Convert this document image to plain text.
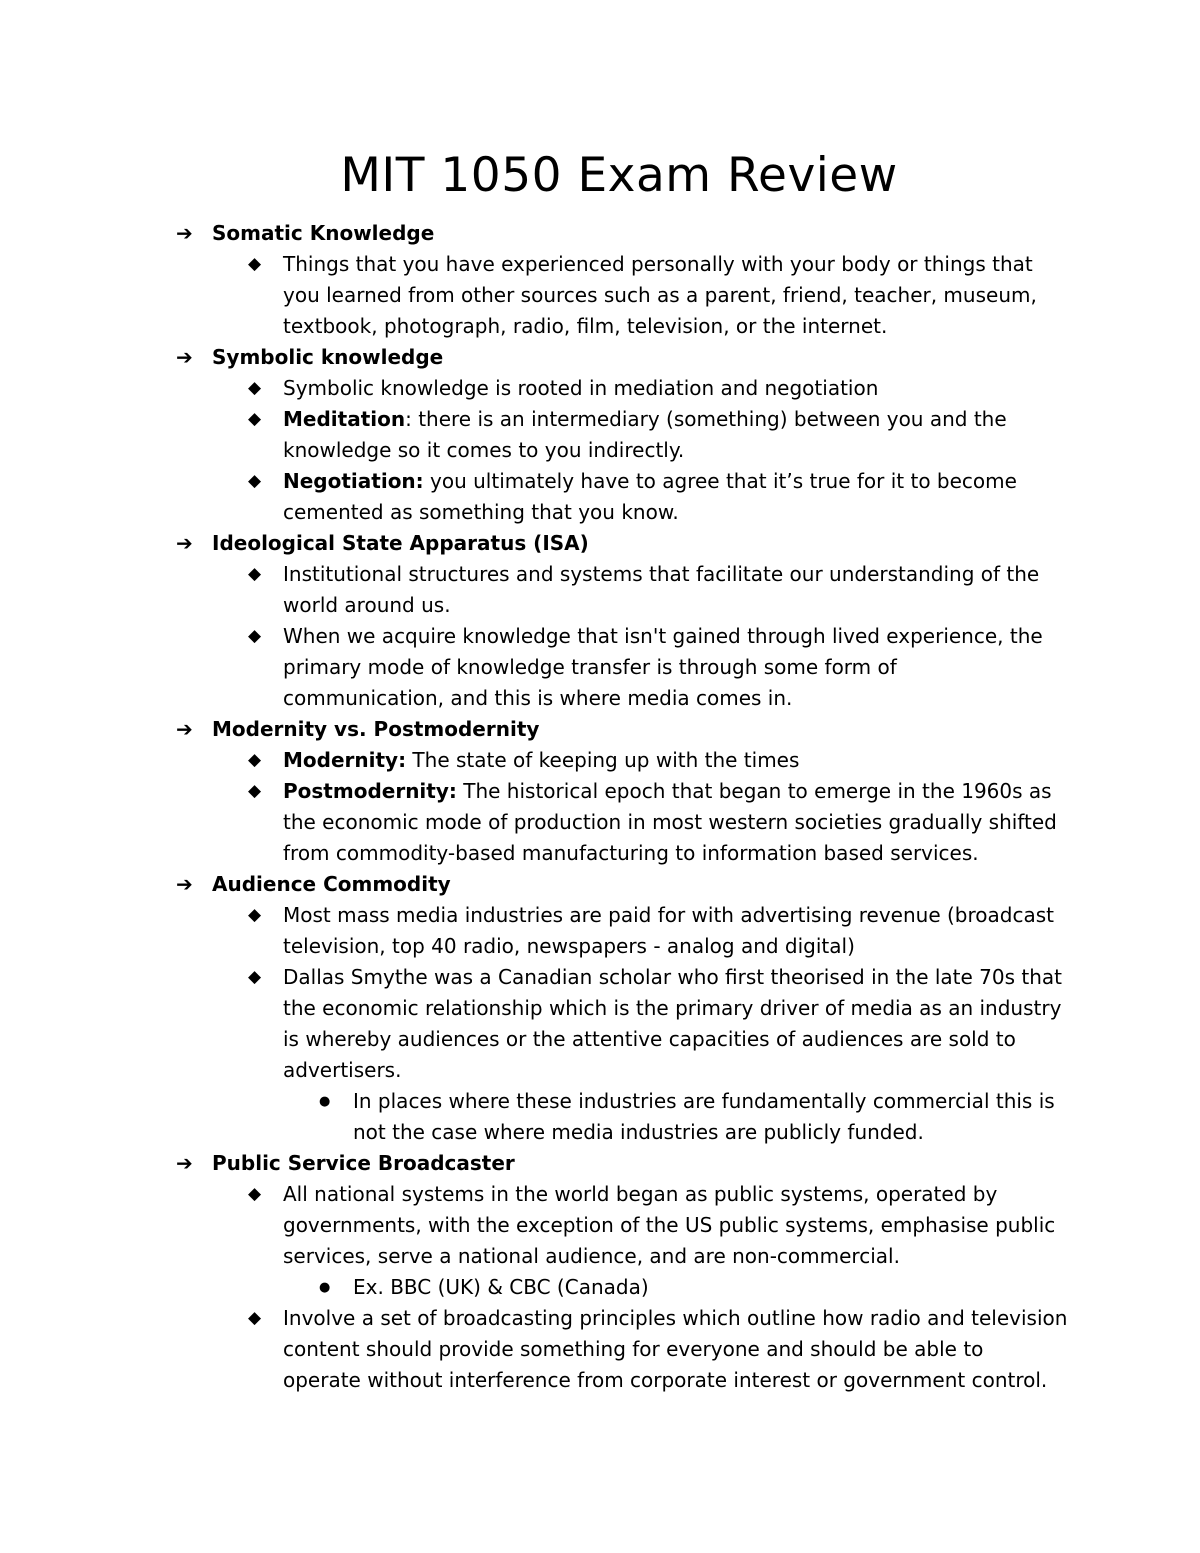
MIT 1050 Exam Review
➔ Somatic Knowledge
◆ Things that you have experienced personally with your body or things that
you learned from other sources such as a parent, friend, teacher, museum,
textbook, photograph, radio, film, television, or the internet.
➔ Symbolic knowledge
◆ Symbolic knowledge is rooted in mediation and negotiation
◆ Meditation: there is an intermediary (something) between you and the
knowledge so it comes to you indirectly.
◆ Negotiation: you ultimately have to agree that it’s true for it to become
cemented as something that you know.
➔ Ideological State Apparatus (ISA)
◆ Institutional structures and systems that facilitate our understanding of the
world around us.
◆ When we acquire knowledge that isn't gained through lived experience, the
primary mode of knowledge transfer is through some form of
communication, and this is where media comes in.
➔ Modernity vs. Postmodernity
◆ Modernity: The state of keeping up with the times
◆ Postmodernity: The historical epoch that began to emerge in the 1960s as
the economic mode of production in most western societies gradually shifted
from commodity-based manufacturing to information based services.
➔ Audience Commodity
◆ Most mass media industries are paid for with advertising revenue (broadcast
television, top 40 radio, newspapers - analog and digital)
◆ Dallas Smythe was a Canadian scholar who first theorised in the late 70s that
the economic relationship which is the primary driver of media as an industry
is whereby audiences or the attentive capacities of audiences are sold to
advertisers.
● In places where these industries are fundamentally commercial this is
not the case where media industries are publicly funded.
➔ Public Service Broadcaster
◆ All national systems in the world began as public systems, operated by
governments, with the exception of the US public systems, emphasise public
services, serve a national audience, and are non-commercial.
● Ex. BBC (UK) & CBC (Canada)
◆ Involve a set of broadcasting principles which outline how radio and television
content should provide something for everyone and should be able to
operate without interference from corporate interest or government control.
